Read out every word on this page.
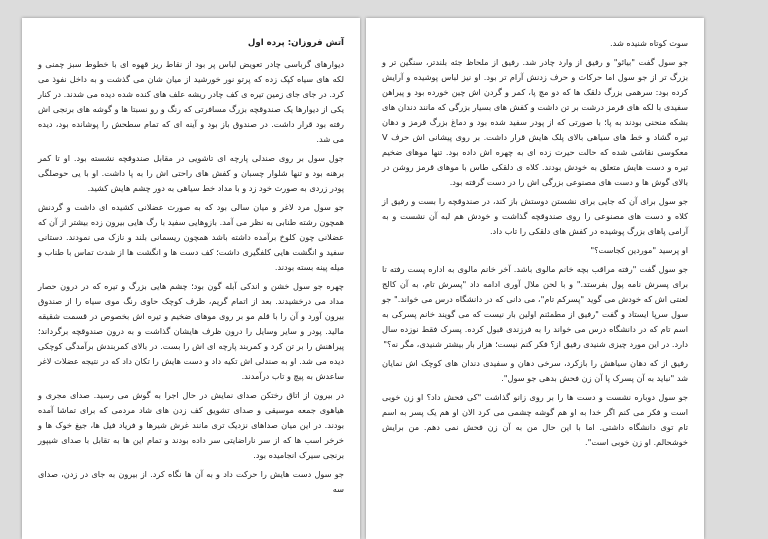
آتش فروزان: پرده اول

دیوارهای گرباسی چادر تعویض لباس پر بود از نقاط ریز قهوه ای با خطوط سبز چمنی و لکه های سیاه کپک زده که پرتو نور خورشید از میان شان می گذشت و به داخل نفوذ می کرد. در جای جای زمین تیره ی کف چادر ریشه علف های کنده شده دیده می شدند. در کنار یکی از دیوارها یک صندوقچه بزرگ مسافرتی که رنگ و رو نسبتا ها و گوشه های برنجی اش رفته بود قرار داشت. در صندوق باز بود و آینه ای که تمام سطحش را پوشانده بود، دیده می شد.

جول سول بر روی صندلی پارچه ای تاشویی در مقابل صندوقچه نشسته بود. او تا کمر برهنه بود و تنها شلوار چسبان و کفش های راحتی اش را به پا داشت. او با یی حوصلگی پودر زردی به صورت خود زد و با مداد خط سیاهی به دور چشم هایش کشید.

جو سول مرد لاغر و میان سالی بود که به صورت عضلانی کشیده ای داشت و گردنش همچون رشته طنابی به نظر می آمد. بازوهایی سفید با رگ هایی بیرون زده بیشتر از آن که عضلانی چون کلوخ برآمده داشته باشد همچون ریسمانی بلند و نازک می نمودند. دستانی سفید و انگشت هایی کلفگیری داشت؛ کف دست ها و انگشت ها از شدت تماس با طناب و میله پینه بسته بودند.

چهره جو سول خشن و اندکی آبله گون بود؛ چشم هایی بزرگ و تیره که در درون حصار مداد می درخشیدند. بعد از اتمام گریم، ظرف کوچک حاوی رنگ موی سیاه را از صندوق بیرون آورد و آن را با قلم مو بر روی موهای ضخیم و تیره اش بخصوص در قسمت شقیقه مالید. پودر و سایر وسایل را درون ظرف هایشان گذاشت و به درون صندوقچه برگرداند؛ پیراهنش را بر تن کرد و کمربند پارچه ای اش را بست. در بالای کمربندش برآمدگی کوچکی دیده می شد. او به صندلی اش تکیه داد و دست هایش را تکان داد که در نتیجه عضلات لاغر ساعدش به پیچ و تاب درآمدند.

در بیرون از اتاق رختکن صدای نمایش در حال اجرا به گوش می رسید. صدای مجری و هیاهوی جمعه موسیقی و صدای تشویق کف زدن های شاد مردمی که برای تماشا آمده بودند. در این میان صداهای نزدیک تری مانند غرش شیرها و فریاد فیل ها، جیغ خوک ها و خرخر اسب ها که از سر ناراضایتی سر داده بودند و تمام این ها به تقابل با صدای شیپور برنجی سیرک انجامیده بود.

جو سول دست هایش را حرکت داد و به آن ها نگاه کرد. از بیرون به جای در زدن، صدای سه

سوت کوتاه شنیده شد.

جو سول گفت "بیائو" و رفیق از وارد چادر شد. رفیق از ملحاظ جثه بلندتر، سنگین تر و بزرگ تر از جو سول اما حرکات و حرف زدنش آرام تر بود. او نیز لباس پوشیده و آرایش کرده بود: سرهمی بزرگ دلقک ها که دو مچ پا، کمر و گردن اش چین خورده بود و پیراهن سفیدی با لکه های قرمز درشت بر تن داشت و کفش های بسیار بزرگی که مانند دندان های بشکه منحنی بودند به پا؛ با صورتی که از پودر سفید شده بود و دماغ بزرگ قرمز و دهان تیره گشاد و خط های سیاهی بالای پلک هایش قرار داشت. بر روی پیشانی اش حرف V معکوسی نقاشی شده که حالت حیرت زده ای به چهره اش داده بود. تنها موهای ضخیم تیره و دست هایش متعلق به خودش بودند. کلاه ی دلقکی طاس با موهای قرمز روشن در بالای گوش ها و دست های مصنوعی بزرگی اش را در دست گرفته بود.

جو سول برای آن که جایی برای نشستن دوستش باز کند، در صندوقچه را بست و رفیق از کلاه و دست های مصنوعی را روی صندوقچه گذاشت و خودش هم لبه آن نشست و به آرامی پاهای بزرگ پوشیده در کفش های دلقکی را تاب داد.

او پرسید "موردین کجاست؟"

جو سول گفت "رفته مراقب بچه خانم مالوی باشد. آخر خانم مالوی به اداره پست رفته تا برای پسرش نامه پول بفرستد." و با لحن ملال آوری ادامه داد "پسرش تام، به آن کالج لعنتی اش که خودش می گوید "پسرکم تام"، می دانی که در دانشگاه درس می خواند." جو سول سرپا ایستاد و گفت "رفیق از مطمئنم اولین بار نیست که می گویند خانم پسرکی به اسم تام که در دانشگاه درس می خواند را به فرزندی قبول کرده. پسرک فقط نوزده سال دارد. در این مورد چیزی شنیدی رفیق از؟ فکر کنم نیست؛ هزار بار بیشتر شنیدی، مگر نه؟"

رفیق از که دهان سیاهش را بازکرد، سرخی دهان و سفیدی دندان های کوچک اش نمایان شد "نباید به آن پسرک پا آن زن فحش بدهی جو سول".

جو سول دوباره نشست و دست ها را بر روی زانو گذاشت "کی فحش داد؟ او زن خوبی است و فکر می کنم اگر خدا به او هم گوشه چشمی می کرد الان او هم یک پسر به اسم تام توی دانشگاه داشتی. اما با این حال من به آن زن فحش نمی دهم. من برایش خوشحالم. او زن خوبی است".
